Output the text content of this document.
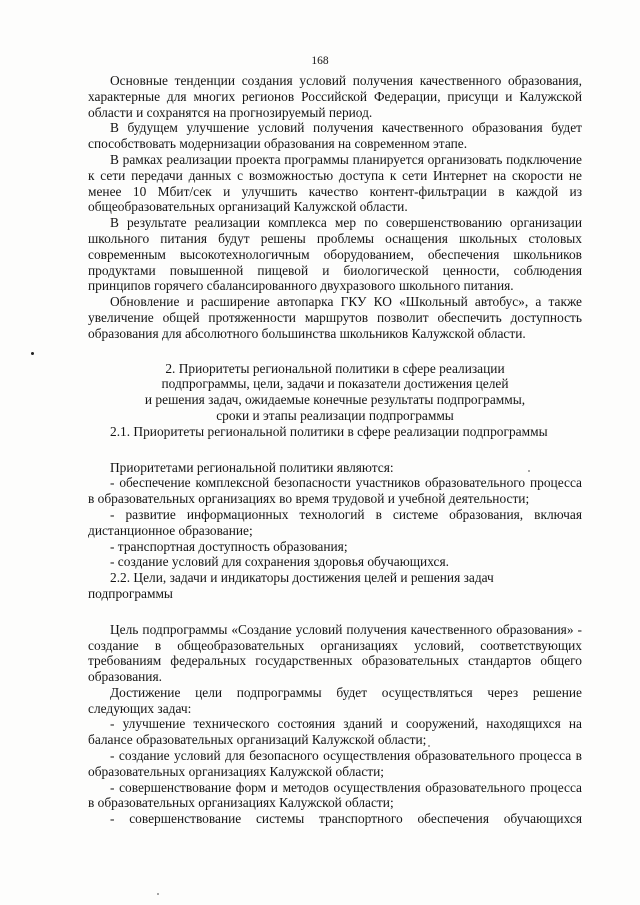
168

Основные тенденции создания условий получения качественного образования, характерные для многих регионов Российской Федерации, присущи и Калужской области и сохранятся на прогнозируемый период.

В будущем улучшение условий получения качественного образования будет способствовать модернизации образования на современном этапе.

В рамках реализации проекта программы планируется организовать подключение к сети передачи данных с возможностью доступа к сети Интернет на скорости не менее 10 Мбит/сек и улучшить качество контент-фильтрации в каждой из общеобразовательных организаций Калужской области.

В результате реализации комплекса мер по совершенствованию организации школьного питания будут решены проблемы оснащения школьных столовых современным высокотехнологичным оборудованием, обеспечения школьников продуктами повышенной пищевой и биологической ценности, соблюдения принципов горячего сбалансированного двухразового школьного питания.

Обновление и расширение автопарка ГКУ КО «Школьный автобус», а также увеличение общей протяженности маршрутов позволит обеспечить доступность образования для абсолютного большинства школьников Калужской области.

2. Приоритеты региональной политики в сфере реализации
подпрограммы, цели, задачи и показатели достижения целей
и решения задач, ожидаемые конечные результаты подпрограммы,
сроки и этапы реализации подпрограммы

2.1. Приоритеты региональной политики в сфере реализации подпрограммы

Приоритетами региональной политики являются:

- обеспечение комплексной безопасности участников образовательного процесса в образовательных организациях во время трудовой и учебной деятельности;

- развитие информационных технологий в системе образования, включая дистанционное образование;

- транспортная доступность образования;

- создание условий для сохранения здоровья обучающихся.

2.2. Цели, задачи и индикаторы достижения целей и решения задач подпрограммы

Цель подпрограммы «Создание условий получения качественного образования» - создание в общеобразовательных организациях условий, соответствующих требованиям федеральных государственных образовательных стандартов общего образования.

Достижение цели подпрограммы будет осуществляться через решение следующих задач:

- улучшение технического состояния зданий и сооружений, находящихся на балансе образовательных организаций Калужской области;

- создание условий для безопасного осуществления образовательного процесса в образовательных организациях Калужской области;

- совершенствование форм и методов осуществления образовательного процесса в образовательных организациях Калужской области;

- совершенствование системы транспортного обеспечения обучающихся
